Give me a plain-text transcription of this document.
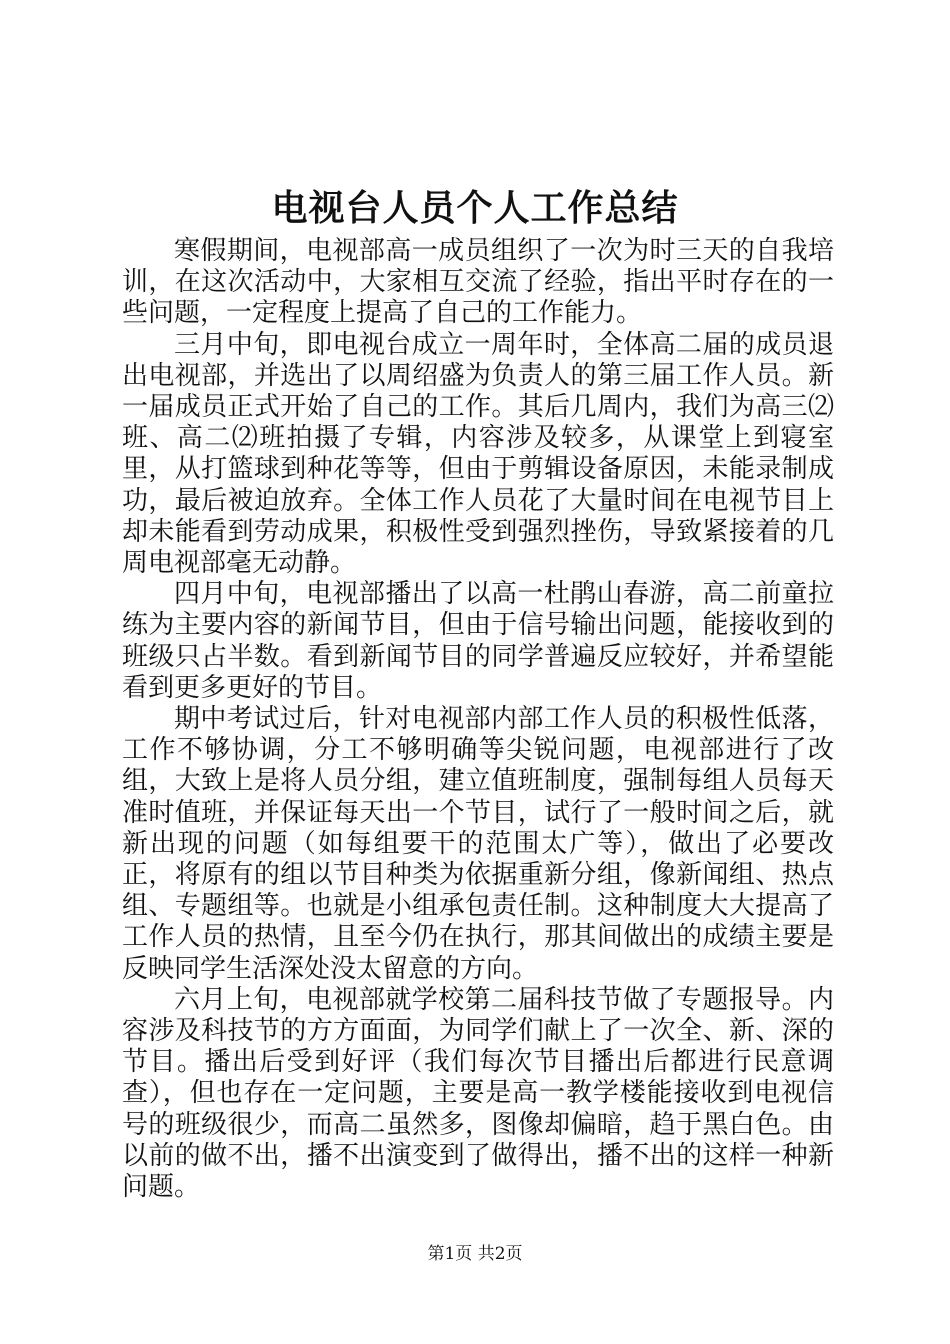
电视台人员个人工作总结

寒假期间，电视部高一成员组织了一次为时三天的自我培训，在这次活动中，大家相互交流了经验，指出平时存在的一些问题，一定程度上提高了自己的工作能力。

三月中旬，即电视台成立一周年时，全体高二届的成员退出电视部，并选出了以周绍盛为负责人的第三届工作人员。新一届成员正式开始了自己的工作。其后几周内，我们为高三⑵班、高二⑵班拍摄了专辑，内容涉及较多，从课堂上到寝室里，从打篮球到种花等等，但由于剪辑设备原因，未能录制成功，最后被迫放弃。全体工作人员花了大量时间在电视节目上却未能看到劳动成果，积极性受到强烈挫伤，导致紧接着的几周电视部毫无动静。

四月中旬，电视部播出了以高一杜鹃山春游，高二前童拉练为主要内容的新闻节目，但由于信号输出问题，能接收到的班级只占半数。看到新闻节目的同学普遍反应较好，并希望能看到更多更好的节目。

期中考试过后，针对电视部内部工作人员的积极性低落，工作不够协调，分工不够明确等尖锐问题，电视部进行了改组，大致上是将人员分组，建立值班制度，强制每组人员每天准时值班，并保证每天出一个节目，试行了一般时间之后，就新出现的问题（如每组要干的范围太广等），做出了必要改正，将原有的组以节目种类为依据重新分组，像新闻组、热点组、专题组等。也就是小组承包责任制。这种制度大大提高了工作人员的热情，且至今仍在执行，那其间做出的成绩主要是反映同学生活深处没太留意的方向。

六月上旬，电视部就学校第二届科技节做了专题报导。内容涉及科技节的方方面面，为同学们献上了一次全、新、深的节目。播出后受到好评（我们每次节目播出后都进行民意调查），但也存在一定问题，主要是高一教学楼能接收到电视信号的班级很少，而高二虽然多，图像却偏暗，趋于黑白色。由以前的做不出，播不出演变到了做得出，播不出的这样一种新问题。

第1页 共2页
